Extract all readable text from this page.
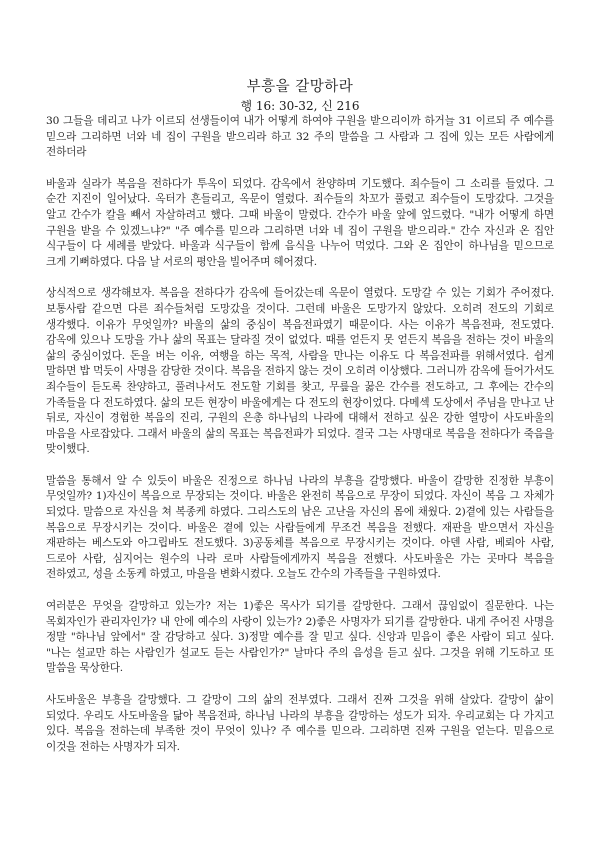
부흥을 갈망하라
행 16: 30-32, 신 216

30 그들을 데리고 나가 이르되 선생들이여 내가 어떻게 하여야 구원을 받으리이까 하거늘 31 이르되 주 예수를 믿으라 그리하면 너와 네 집이 구원을 받으리라 하고 32 주의 말씀을 그 사람과 그 집에 있는 모든 사람에게 전하더라

바울과 실라가 복음을 전하다가 투옥이 되었다. 감옥에서 찬양하며 기도했다. 죄수들이 그 소리를 들었다. 그 순간 지진이 일어났다. 옥터가 흔들리고, 옥문이 열렸다. 죄수들의 차꼬가 풀렸고 죄수들이 도망갔다. 그것을 알고 간수가 칼을 빼서 자살하려고 했다. 그때 바울이 말렸다. 간수가 바울 앞에 엎드렸다. "내가 어떻게 하면 구원을 받을 수 있겠느냐?" "주 예수를 믿으라 그리하면 너와 네 집이 구원을 받으리라." 간수 자신과 온 집안 식구들이 다 세례를 받았다. 바울과 식구들이 함께 음식을 나누어 먹었다. 그와 온 집안이 하나님을 믿으므로 크게 기뻐하였다. 다음 날 서로의 평안을 빌어주며 헤어졌다.

상식적으로 생각해보자. 복음을 전하다가 감옥에 들어갔는데 옥문이 열렸다. 도망갈 수 있는 기회가 주어졌다. 보통사람 같으면 다른 죄수들처럼 도망갔을 것이다. 그런데 바울은 도망가지 않았다. 오히려 전도의 기회로 생각했다. 이유가 무엇일까? 바울의 삶의 중심이 복음전파였기 때문이다. 사는 이유가 복음전파, 전도였다. 감옥에 있으나 도망을 가나 삶의 목표는 달라질 것이 없었다. 때를 얻든지 못 얻든지 복음을 전하는 것이 바울의 삶의 중심이었다. 돈을 버는 이유, 여행을 하는 목적, 사람을 만나는 이유도 다 복음전파를 위해서였다. 쉽게 말하면 밥 먹듯이 사명을 감당한 것이다. 복음을 전하지 않는 것이 오히려 이상했다. 그러니까 감옥에 들어가서도 죄수들이 듣도록 찬양하고, 풀려나서도 전도할 기회를 찾고, 무릎을 꿇은 간수를 전도하고, 그 후에는 간수의 가족들을 다 전도하였다. 삶의 모든 현장이 바울에게는 다 전도의 현장이었다. 다메섹 도상에서 주님을 만나고 난 뒤로, 자신이 경험한 복음의 진리, 구원의 은총 하나님의 나라에 대해서 전하고 싶은 강한 열망이 사도바울의 마음을 사로잡았다. 그래서 바울의 삶의 목표는 복음전파가 되었다. 결국 그는 사명대로 복음을 전하다가 죽음을 맞이했다.

말씀을 통해서 알 수 있듯이 바울은 진정으로 하나님 나라의 부흥을 갈망했다. 바울이 갈망한 진정한 부흥이 무엇일까? 1)자신이 복음으로 무장되는 것이다. 바울은 완전히 복음으로 무장이 되었다. 자신이 복음 그 자체가 되었다. 말씀으로 자신을 쳐 복종케 하였다. 그리스도의 남은 고난을 자신의 몸에 채웠다. 2)곁에 있는 사람들을 복음으로 무장시키는 것이다. 바울은 곁에 있는 사람들에게 무조건 복음을 전했다. 재판을 받으면서 자신을 재판하는 베스도와 아그립바도 전도했다. 3)공동체를 복음으로 무장시키는 것이다. 아덴 사람, 베뢰아 사람, 드로아 사람, 심지어는 원수의 나라 로마 사람들에게까지 복음을 전했다. 사도바울은 가는 곳마다 복음을 전하였고, 성을 소동케 하였고, 마을을 변화시켰다. 오늘도 간수의 가족들을 구원하였다.

여러분은 무엇을 갈망하고 있는가? 저는 1)좋은 목사가 되기를 갈망한다. 그래서 끊임없이 질문한다. 나는 목회자인가 관리자인가? 내 안에 예수의 사랑이 있는가? 2)좋은 사명자가 되기를 갈망한다. 내게 주어진 사명을 정말 "하나님 앞에서" 잘 감당하고 싶다. 3)정말 예수를 잘 믿고 싶다. 신앙과 믿음이 좋은 사람이 되고 싶다. "나는 설교만 하는 사람인가 설교도 듣는 사람인가?" 날마다 주의 음성을 듣고 싶다. 그것을 위해 기도하고 또 말씀을 묵상한다.

사도바울은 부흥을 갈망했다. 그 갈망이 그의 삶의 전부였다. 그래서 진짜 그것을 위해 살았다. 갈망이 삶이 되었다. 우리도 사도바울을 닮아 복음전파, 하나님 나라의 부흥을 갈망하는 성도가 되자. 우리교회는 다 가지고 있다. 복음을 전하는데 부족한 것이 무엇이 있나? 주 예수를 믿으라. 그리하면 진짜 구원을 얻는다. 믿음으로 이것을 전하는 사명자가 되자.
